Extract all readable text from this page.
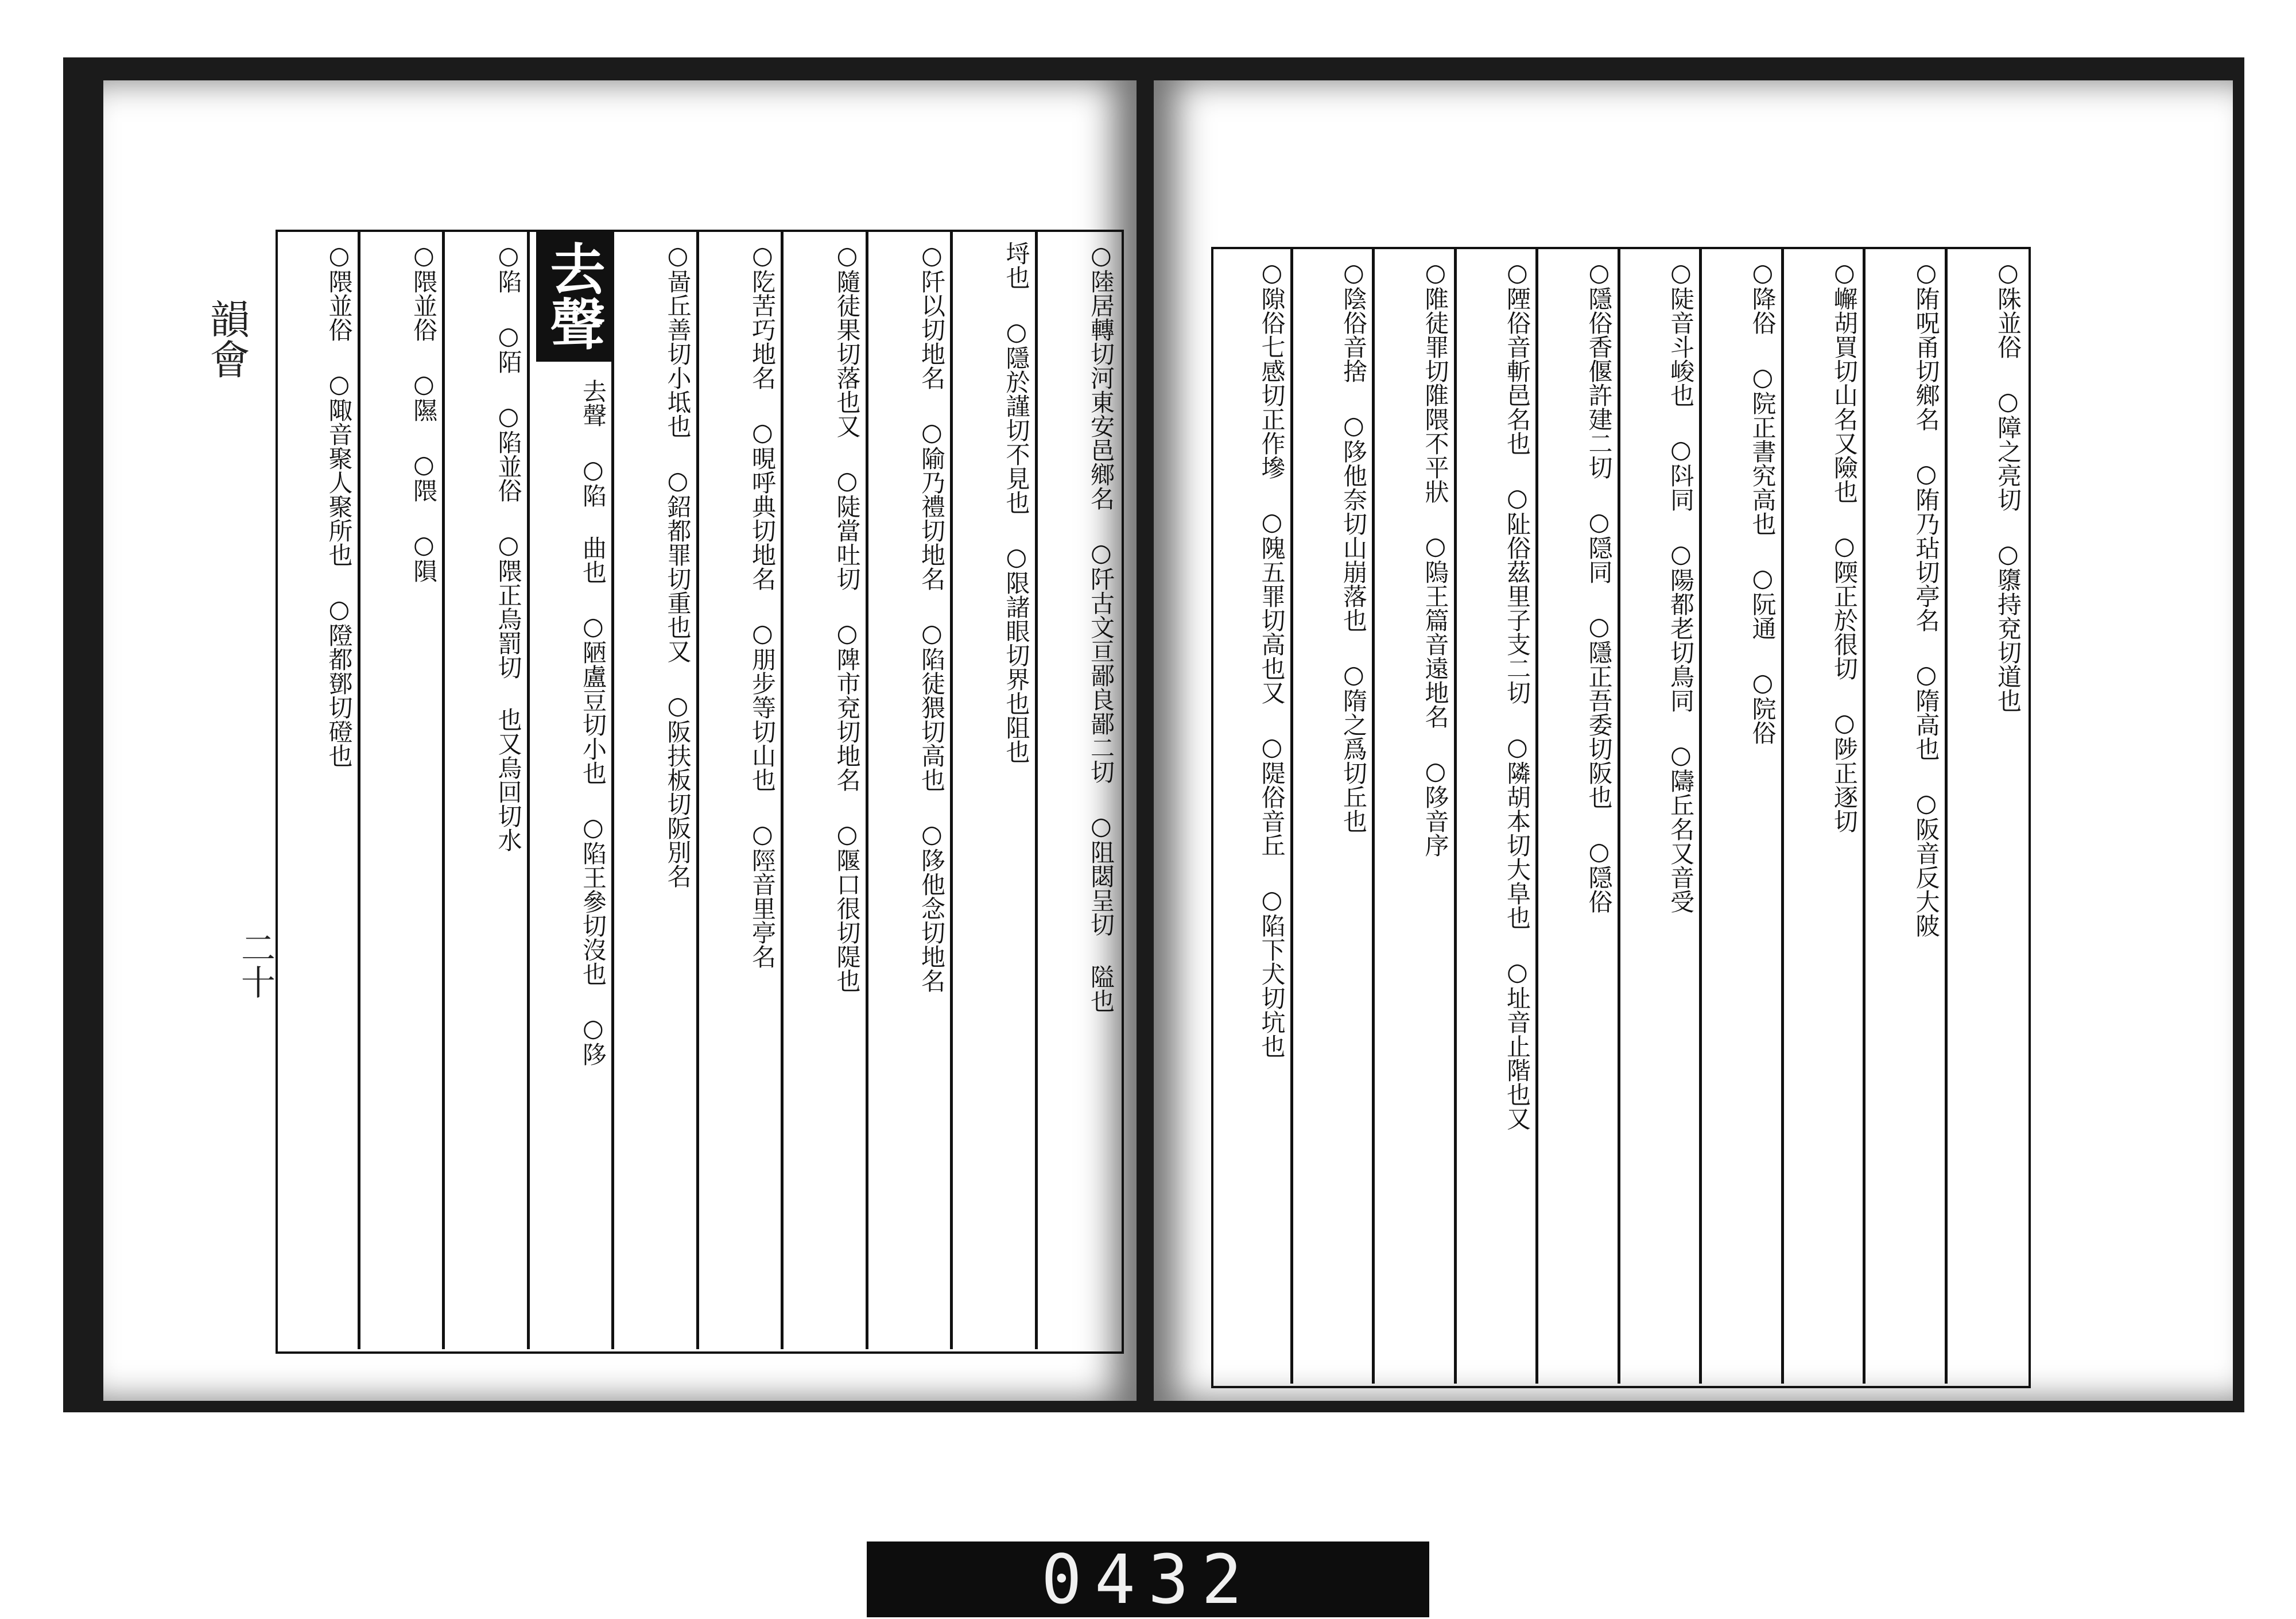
○陸居轉切河東安邑鄉名 ○阡古文亘鄙良鄙二切 ○阻閟呈切 隘也
埒也 ○隱於謹切不見也 ○限諸眼切界也阻也
○阡以切地名 ○隃乃禮切地名 ○陷徒猥切高也 ○陊他念切地名
○隨徒果切落也又 ○陡當吐切 ○陴市兗切地名 ○隁口很切隄也
○阣苦巧地名 ○晛呼典切地名 ○朋步等切山也 ○陘音里亭名
○啚丘善切小坻也 ○鉊都罪切重也又 ○阪扶板切阪別名
去聲
去聲 ○陷 曲也 ○陋盧豆切小也 ○陷王參切沒也 ○陊
○陷 ○陌 ○陷並俗 ○隈正烏罰切 也又烏回切水
○隈並俗 ○隰 ○隈 ○隕
○隈並俗 ○陬音聚人聚所也 ○隥都鄧切磴也
韻會
二十
○陎並俗 ○障之亮切 ○隳持兗切道也
○陏呪甬切鄉名 ○陏乃玷切亭名 ○隋高也 ○阪音反大陂
○嶰胡買切山名又險也 ○陾正於很切 ○陟正逐切
○降俗 ○院正書究高也 ○阮通 ○院俗
○陡音斗峻也 ○阧同 ○陽都老切鳥同 ○隯丘名又音受
○隱俗香偃許建二切 ○隠同 ○隱正吾委切阪也 ○隠俗
○陻俗音斬邑名也 ○阯俗茲里子支二切 ○隣胡本切大阜也 ○址音止階也又
○陮徒罪切陮隈不平狀 ○隖王篇音遠地名 ○陊音序
○陰俗音捨 ○陊他奈切山崩落也 ○隋之爲切丘也
○隙俗七感切正作墋 ○隗五罪切高也又 ○隄俗音丘 ○陷下犬切坑也
0432
